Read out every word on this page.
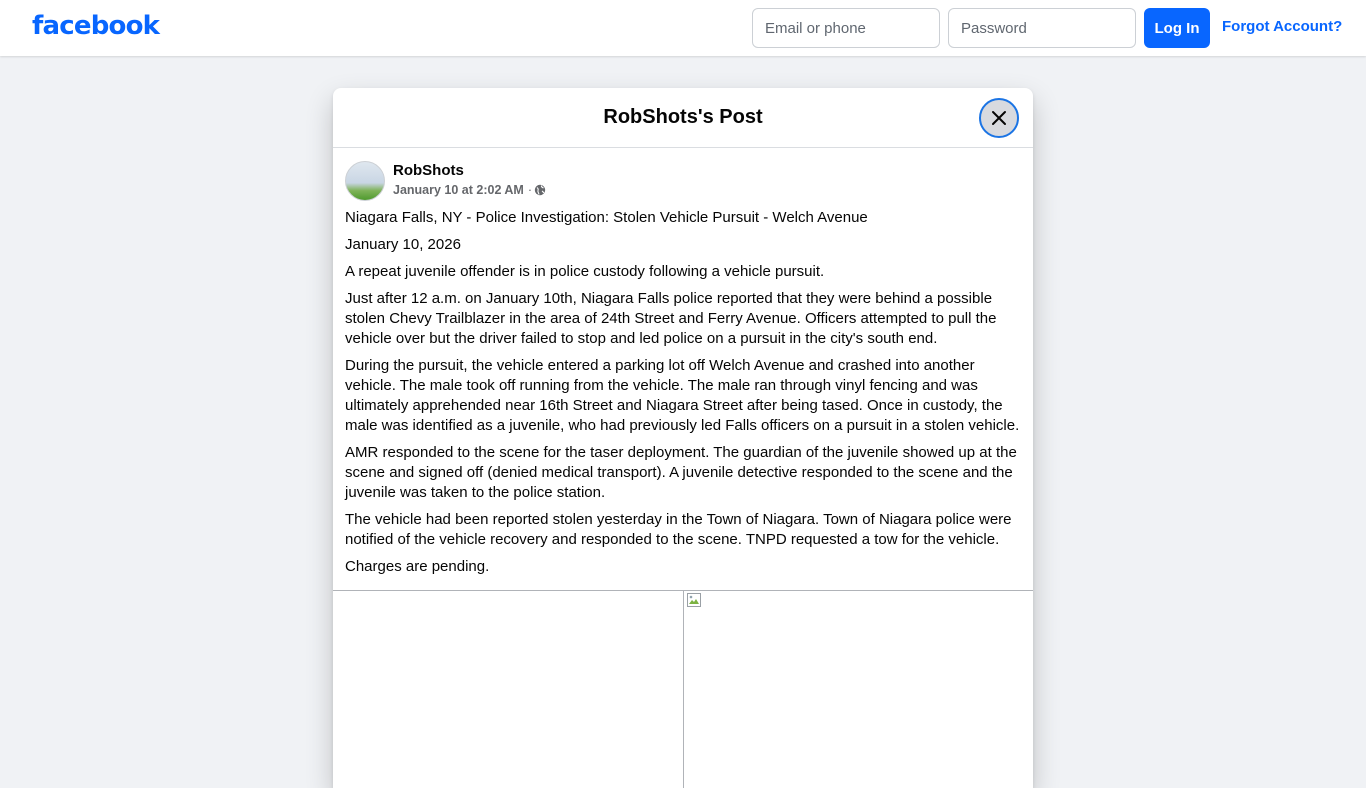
facebook
Email or phone	Log In	Forgot Account?
RobShots's Post
RobShots
January 10 at 2:02 AM ·

Niagara Falls, NY - Police Investigation: Stolen Vehicle Pursuit - Welch Avenue

January 10, 2026

A repeat juvenile offender is in police custody following a vehicle pursuit.

Just after 12 a.m. on January 10th, Niagara Falls police reported that they were behind a possible stolen Chevy Trailblazer in the area of 24th Street and Ferry Avenue. Officers attempted to pull the vehicle over but the driver failed to stop and led police on a pursuit in the city's south end.

During the pursuit, the vehicle entered a parking lot off Welch Avenue and crashed into another vehicle. The male took off running from the vehicle. The male ran through vinyl fencing and was ultimately apprehended near 16th Street and Niagara Street after being tased. Once in custody, the male was identified as a juvenile, who had previously led Falls officers on a pursuit in a stolen vehicle.

AMR responded to the scene for the taser deployment. The guardian of the juvenile showed up at the scene and signed off (denied medical transport). A juvenile detective responded to the scene and the juvenile was taken to the police station.

The vehicle had been reported stolen yesterday in the Town of Niagara. Town of Niagara police were notified of the vehicle recovery and responded to the scene. TNPD requested a tow for the vehicle.

Charges are pending.
